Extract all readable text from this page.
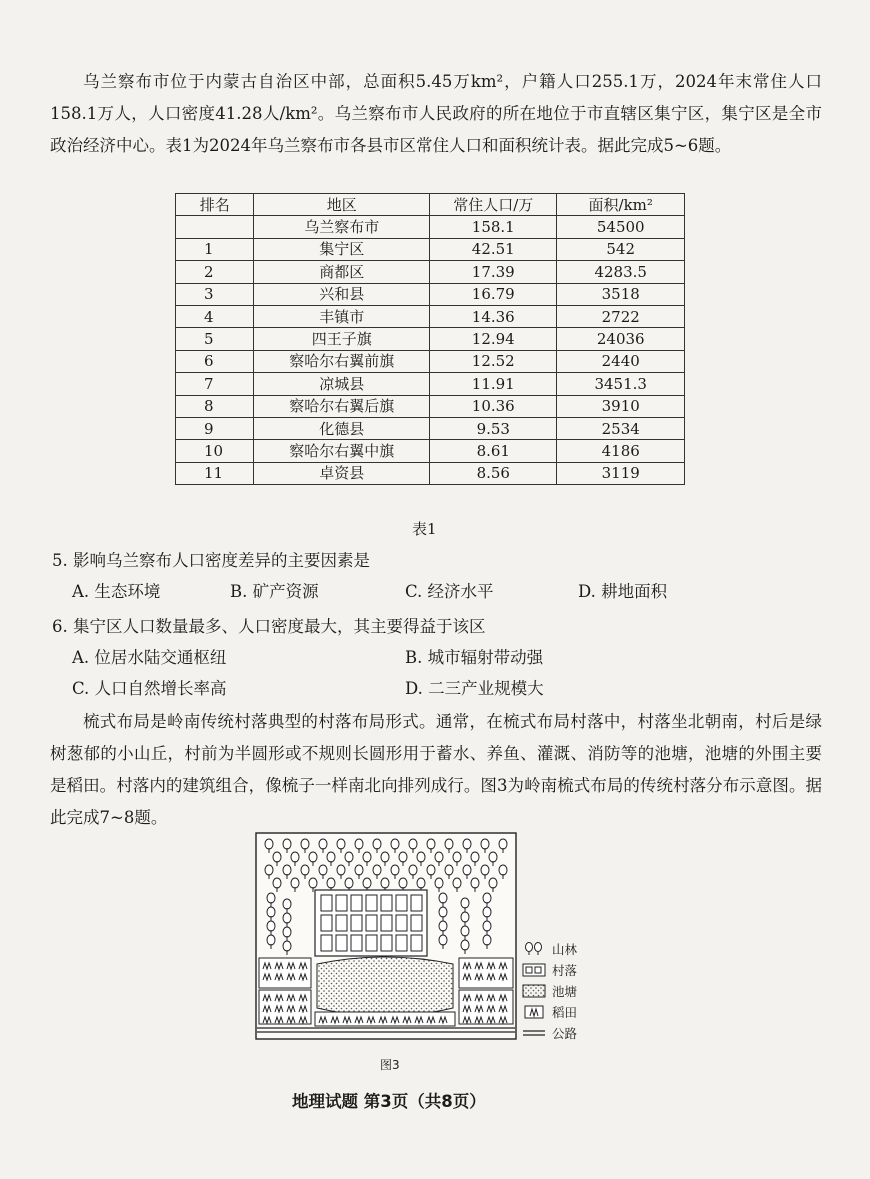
乌兰察布市位于内蒙古自治区中部，总面积5.45万km²，户籍人口255.1万，2024年末常住人口158.1万人，人口密度41.28人/km²。乌兰察布市人民政府的所在地位于市直辖区集宁区，集宁区是全市政治经济中心。表1为2024年乌兰察布市各县市区常住人口和面积统计表。据此完成5~6题。

排名	地区	常住人口/万	面积/km²
	乌兰察布市	158.1	54500
1	集宁区	42.51	542
2	商都区	17.39	4283.5
3	兴和县	16.79	3518
4	丰镇市	14.36	2722
5	四王子旗	12.94	24036
6	察哈尔右翼前旗	12.52	2440
7	凉城县	11.91	3451.3
8	察哈尔右翼后旗	10.36	3910
9	化德县	9.53	2534
10	察哈尔右翼中旗	8.61	4186
11	卓资县	8.56	3119
表1
5. 影响乌兰察布人口密度差异的主要因素是
A. 生态环境	B. 矿产资源	C. 经济水平	D. 耕地面积
6. 集宁区人口数量最多、人口密度最大，其主要得益于该区
A. 位居水陆交通枢纽	B. 城市辐射带动强
C. 人口自然增长率高	D. 二三产业规模大

梳式布局是岭南传统村落典型的村落布局形式。通常，在梳式布局村落中，村落坐北朝南，村后是绿树葱郁的小山丘，村前为半圆形或不规则长圆形用于蓄水、养鱼、灌溉、消防等的池塘，池塘的外围主要是稻田。村落内的建筑组合，像梳子一样南北向排列成行。图3为岭南梳式布局的传统村落分布示意图。据此完成7~8题。

山林
村落
池塘
稻田
公路
图3
地理试题 第3页（共8页）
